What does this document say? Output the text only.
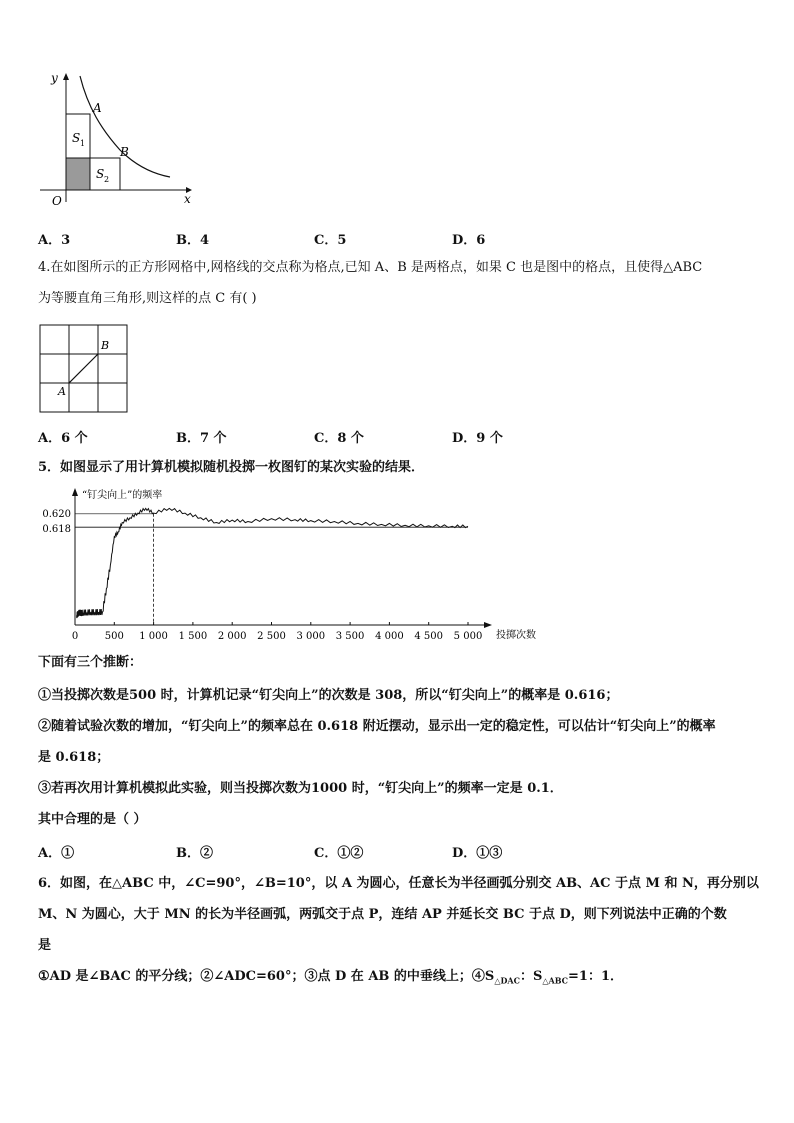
y
x
O
A
B
S 1
S 2
A．3	B．4	C．5	D．6
4.在如图所示的正方形网格中,网格线的交点称为格点,已知 A、B 是两格点，如果 C 也是图中的格点，且使得△ABC
为等腰直角三角形,则这样的点 C 有( )
A
B
A．6 个	B．7 个	C．8 个	D．9 个
5．如图显示了用计算机模拟随机投掷一枚图钉的某次实验的结果．
“钉尖向上”的频率
投掷次数
0	500 1 000 1 500 2 000 2 500 3 000 3 500 4 000 4 500 5 000
0.620
0.618
下面有三个推断：
①当投掷次数是500 时，计算机记录“钉尖向上”的次数是 308，所以“钉尖向上”的概率是 0.616；
②随着试验次数的增加，“钉尖向上”的频率总在 0.618 附近摆动，显示出一定的稳定性，可以估计“钉尖向上”的概率
是 0.618；
③若再次用计算机模拟此实验，则当投掷次数为1000 时，“钉尖向上”的频率一定是 0.1．
其中合理的是（ ）
A．①	B．②	C．①②	D．①③
6．如图，在△ABC 中，∠C=90°，∠B=10°，以 A 为圆心，任意长为半径画弧分别交 AB、AC 于点 M 和 N，再分别以
M、N 为圆心，大于 MN 的长为半径画弧，两弧交于点 P，连结 AP 并延长交 BC 于点 D，则下列说法中正确的个数
是
①AD 是∠BAC 的平分线；②∠ADC=60°；③点 D 在 AB 的中垂线上；$④S_{\triangle DAC}$：$S_{\triangle ABC}=1$：1．
